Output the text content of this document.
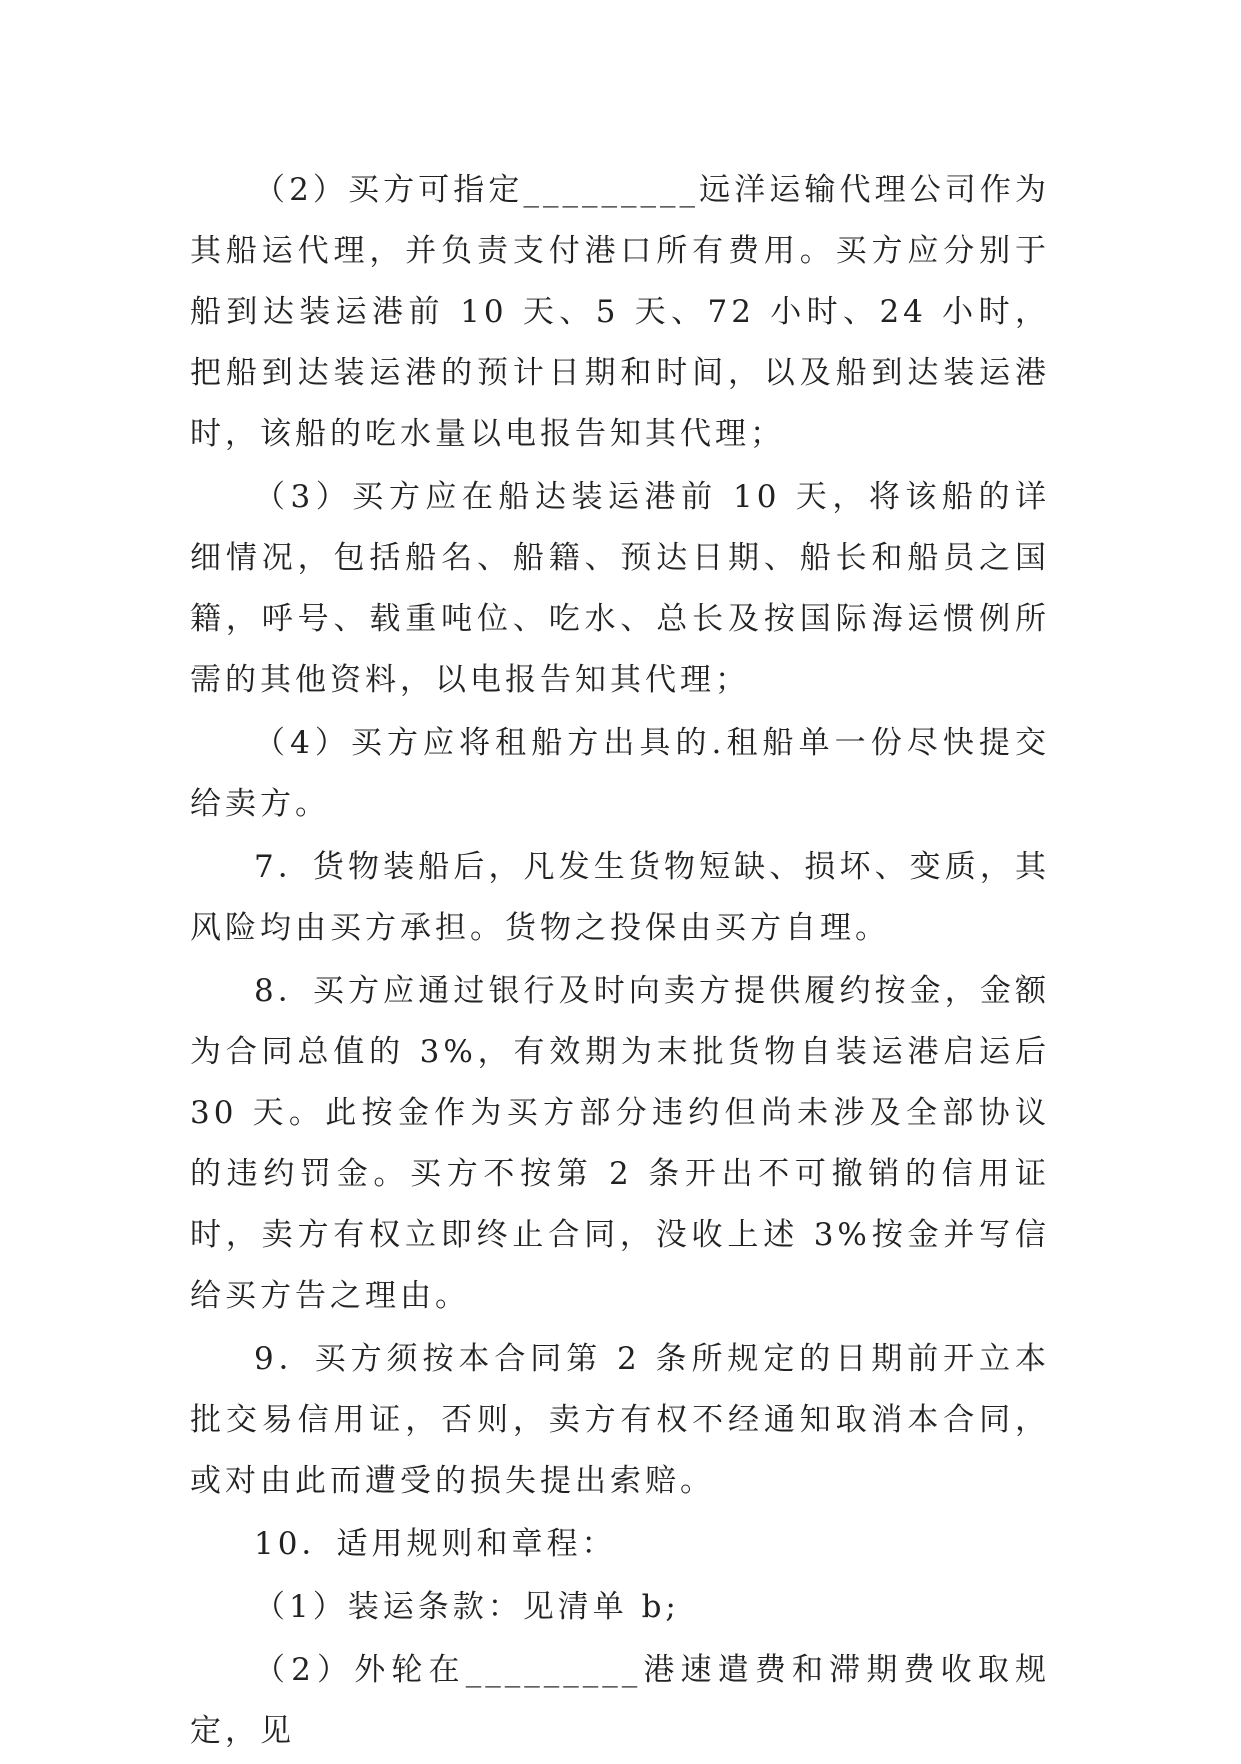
（2）买方可指定_________远洋运输代理公司作为其船运代理，并负责支付港口所有费用。买方应分别于船到达装运港前 10 天、5 天、72 小时、24 小时，把船到达装运港的预计日期和时间，以及船到达装运港时，该船的吃水量以电报告知其代理；

（3）买方应在船达装运港前 10 天，将该船的详细情况，包括船名、船籍、预达日期、船长和船员之国籍，呼号、载重吨位、吃水、总长及按国际海运惯例所需的其他资料，以电报告知其代理；

（4）买方应将租船方出具的.租船单一份尽快提交给卖方。

7．货物装船后，凡发生货物短缺、损坏、变质，其风险均由买方承担。货物之投保由买方自理。

8．买方应通过银行及时向卖方提供履约按金，金额为合同总值的 3%，有效期为末批货物自装运港启运后 30 天。此按金作为买方部分违约但尚未涉及全部协议的违约罚金。买方不按第 2 条开出不可撤销的信用证时，卖方有权立即终止合同，没收上述 3%按金并写信给买方告之理由。

9．买方须按本合同第 2 条所规定的日期前开立本批交易信用证，否则，卖方有权不经通知取消本合同，或对由此而遭受的损失提出索赔。

10．适用规则和章程：

（1）装运条款：见清单 b;

（2）外轮在_________港速遣费和滞期费收取规定，见
